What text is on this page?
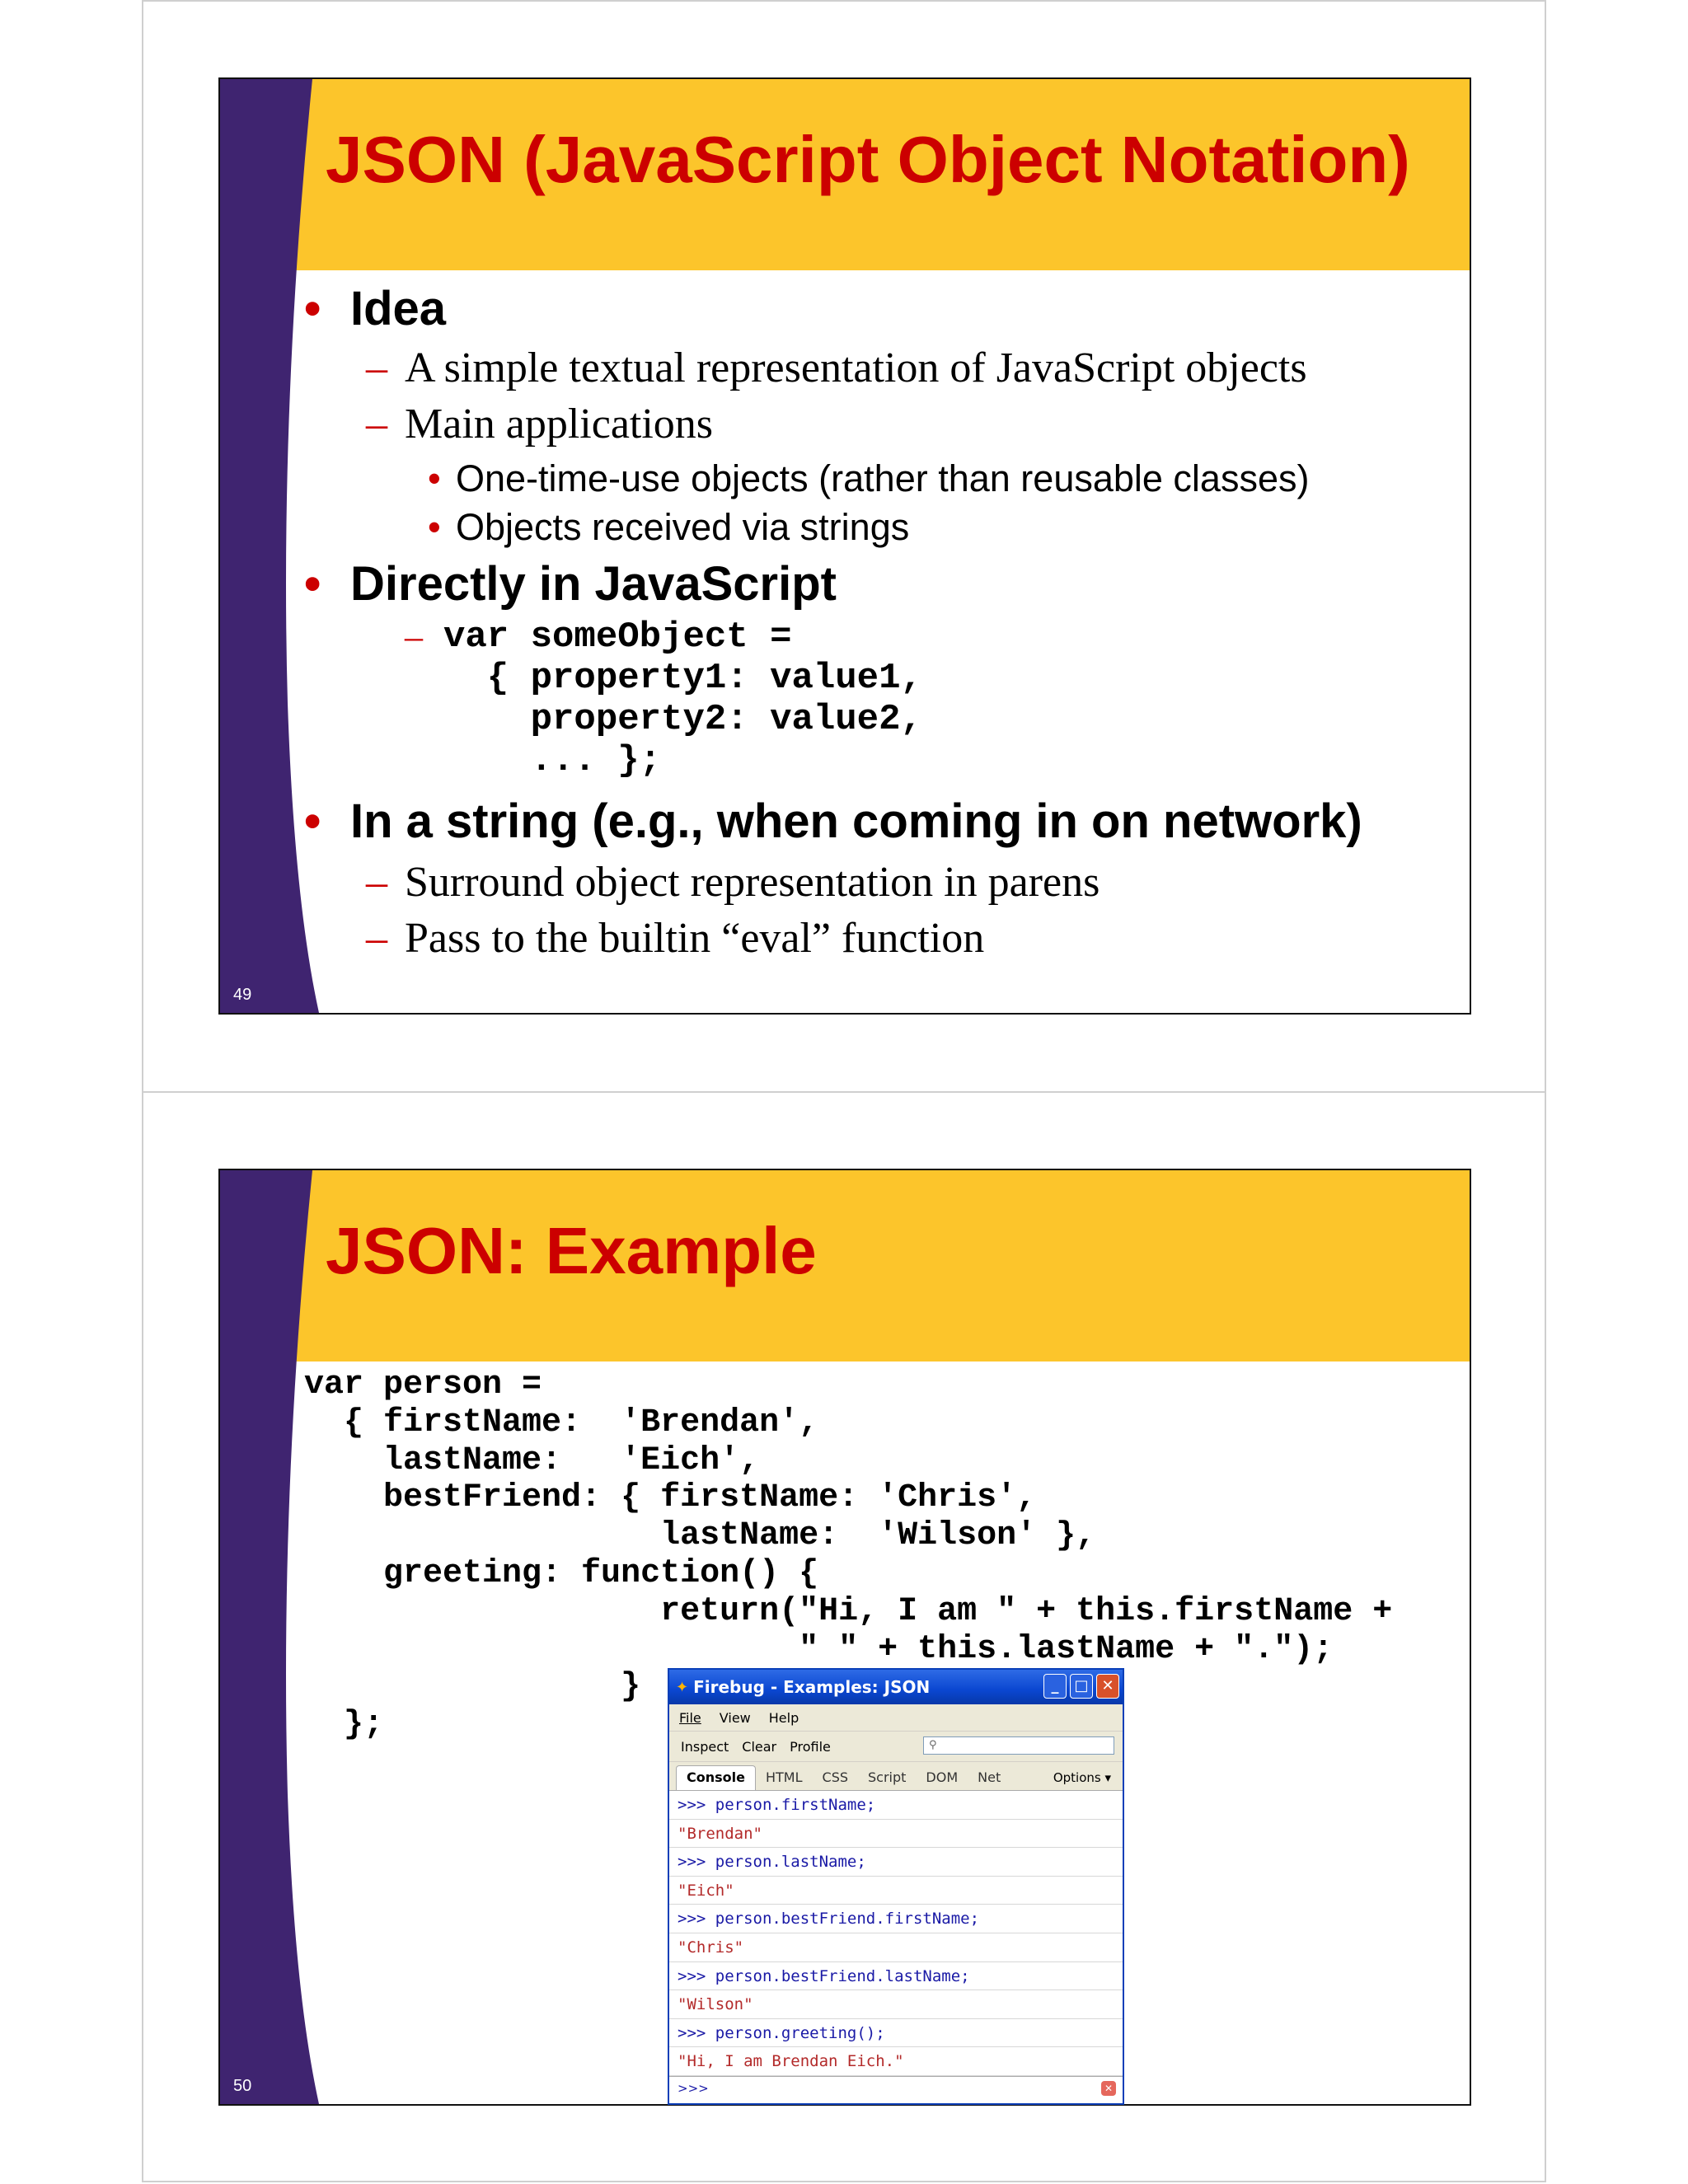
JSON (JavaScript Object Notation)
• Idea
– A simple textual representation of JavaScript objects
– Main applications
• One-time-use objects (rather than reusable classes)
• Objects received via strings
• Directly in JavaScript
– var someObject =
{ property1: value1,
property2: value2,
... };
• In a string (e.g., when coming in on network)
– Surround object representation in parens
– Pass to the builtin “eval” function
49
JSON: Example
var person =
{ firstName:  'Brendan',
lastName:   'Eich',
bestFriend: { firstName: 'Chris',
lastName:  'Wilson' },
greeting: function() {
return("Hi, I am " + this.firstName +
" " + this.lastName + ".");
}
};
50
✦ Firebug - Examples: JSON	_	□ ✕
File View Help
Inspect Clear Profile	⚲
Console	HTML	CSS	Script	DOM	Net	Options ▾
>>> person.firstName;
"Brendan"
>>> person.lastName;
"Eich"
>>> person.bestFriend.firstName;
"Chris"
>>> person.bestFriend.lastName;
"Wilson"
>>> person.greeting();
"Hi, I am Brendan Eich."
>>>	✕
